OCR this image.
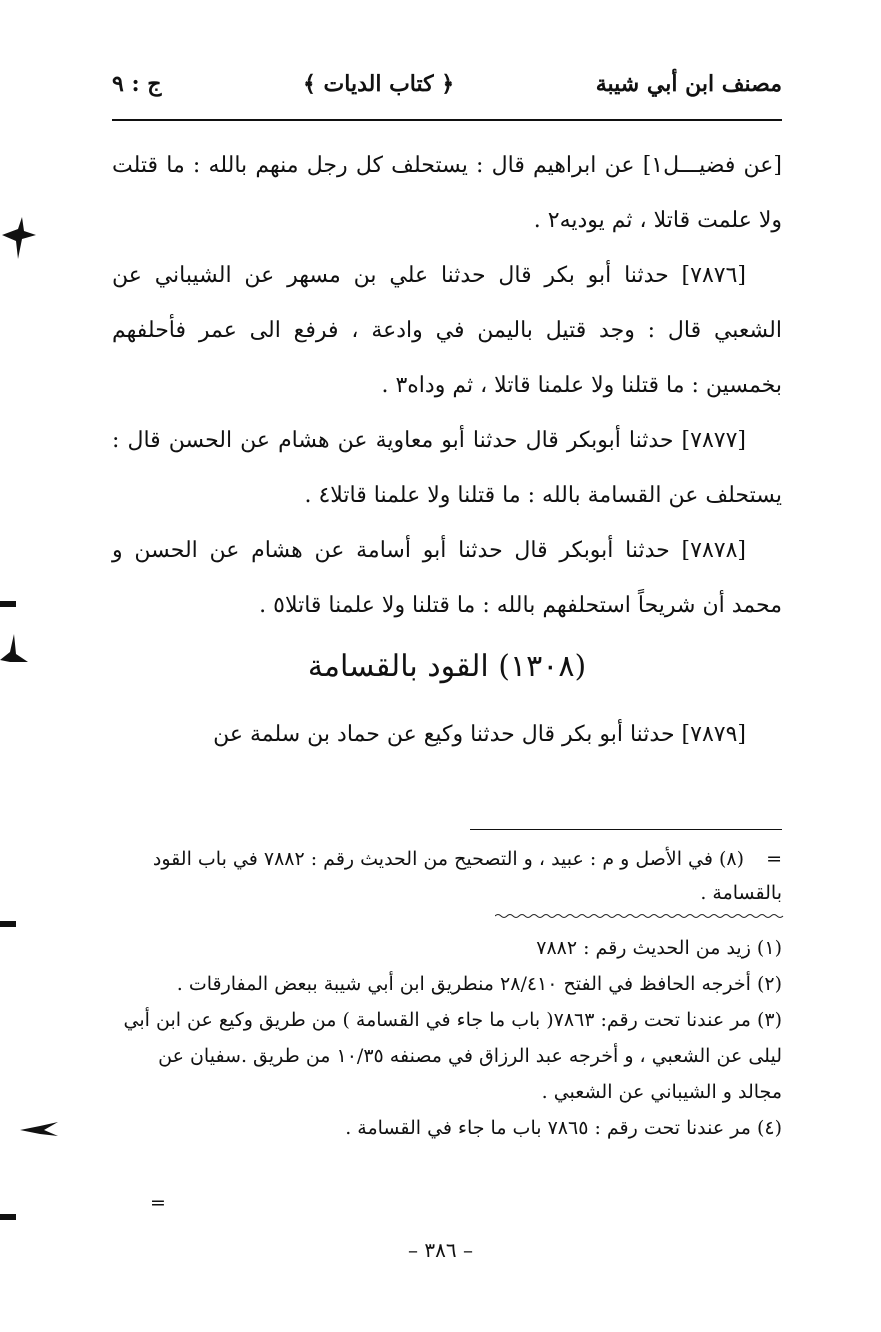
مصنف ابن أبي شيبة
﴿ كتاب الديات ﴾
ج : ٩

[عن فضيـــل١] عن ابراهيم قال : يستحلف كل رجل منهم بالله : ما قتلت ولا علمت قاتلا ، ثم يوديه٢ .

[٧٨٧٦] حدثنا أبو بكر قال حدثنا علي بن مسهر عن الشيباني عن الشعبي قال : وجد قتيل باليمن في وادعة ، فرفع الى عمر فأحلفهم بخمسين : ما قتلنا ولا علمنا قاتلا ، ثم وداه٣ .

[٧٨٧٧] حدثنا أبوبكر قال حدثنا أبو معاوية عن هشام عن الحسن قال : يستحلف عن القسامة بالله : ما قتلنا ولا علمنا قاتلا٤ .

[٧٨٧٨] حدثنا أبوبكر قال حدثنا أبو أسامة عن هشام عن الحسن و محمد أن شريحاً استحلفهم بالله : ما قتلنا ولا علمنا قاتلا٥ .

(١٣٠٨) القود بالقسامة

[٧٨٧٩] حدثنا أبو بكر قال حدثنا وكيع عن حماد بن سلمة عن

= (٨) في الأصل و م : عبيد ، و التصحيح من الحديث رقم : ٧٨٨٢ في باب القود بالقسامة .

(١) زيد من الحديث رقم : ٧٨٨٢

(٢) أخرجه الحافظ في الفتح ٢٨/٤١٠ منطريق ابن أبي شيبة ببعض المفارقات .

(٣) مر عندنا تحت رقم: ٧٨٦٣( باب ما جاء في القسامة ) من طريق وكيع عن ابن أبي ليلى عن الشعبي ، و أخرجه عبد الرزاق في مصنفه ١٠/٣٥ من طريق .سفيان عن مجالد و الشيباني عن الشعبي .

(٤) مر عندنا تحت رقم : ٧٨٦٥ باب ما جاء في القسامة .

=
– ٣٨٦ –
